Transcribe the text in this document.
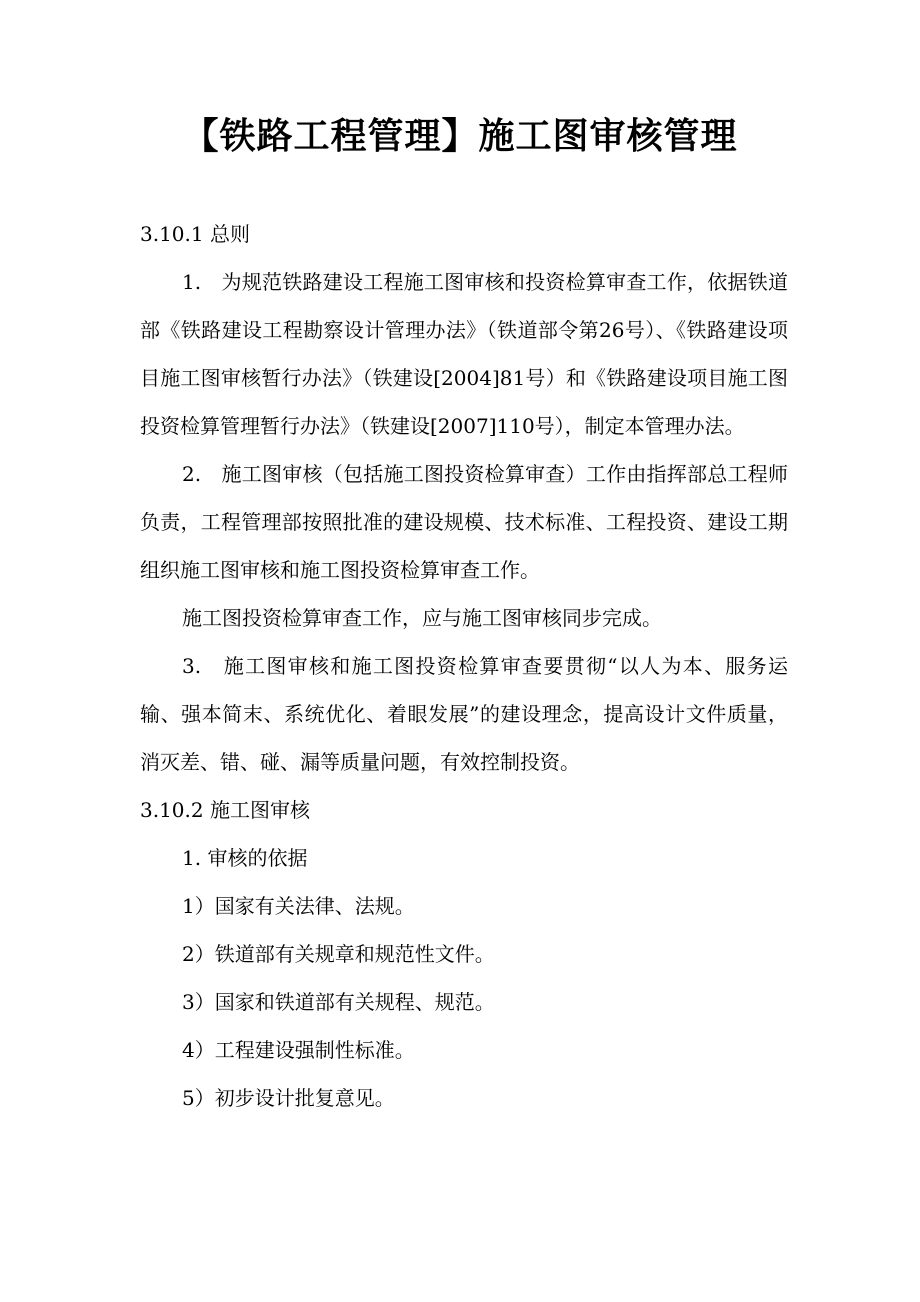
【铁路工程管理】施工图审核管理

3.10.1 总则

1.　为规范铁路建设工程施工图审核和投资检算审查工作，依据铁道部《铁路建设工程勘察设计管理办法》（铁道部令第26号）、《铁路建设项目施工图审核暂行办法》（铁建设[2004]81号）和《铁路建设项目施工图投资检算管理暂行办法》（铁建设[2007]110号），制定本管理办法。

2.　施工图审核（包括施工图投资检算审查）工作由指挥部总工程师负责，工程管理部按照批准的建设规模、技术标准、工程投资、建设工期组织施工图审核和施工图投资检算审查工作。

施工图投资检算审查工作，应与施工图审核同步完成。

3.　施工图审核和施工图投资检算审查要贯彻“以人为本、服务运输、强本简末、系统优化、着眼发展”的建设理念，提高设计文件质量，消灭差、错、碰、漏等质量问题，有效控制投资。

3.10.2 施工图审核

1. 审核的依据

1）国家有关法律、法规。

2）铁道部有关规章和规范性文件。

3）国家和铁道部有关规程、规范。

4）工程建设强制性标准。

5）初步设计批复意见。
